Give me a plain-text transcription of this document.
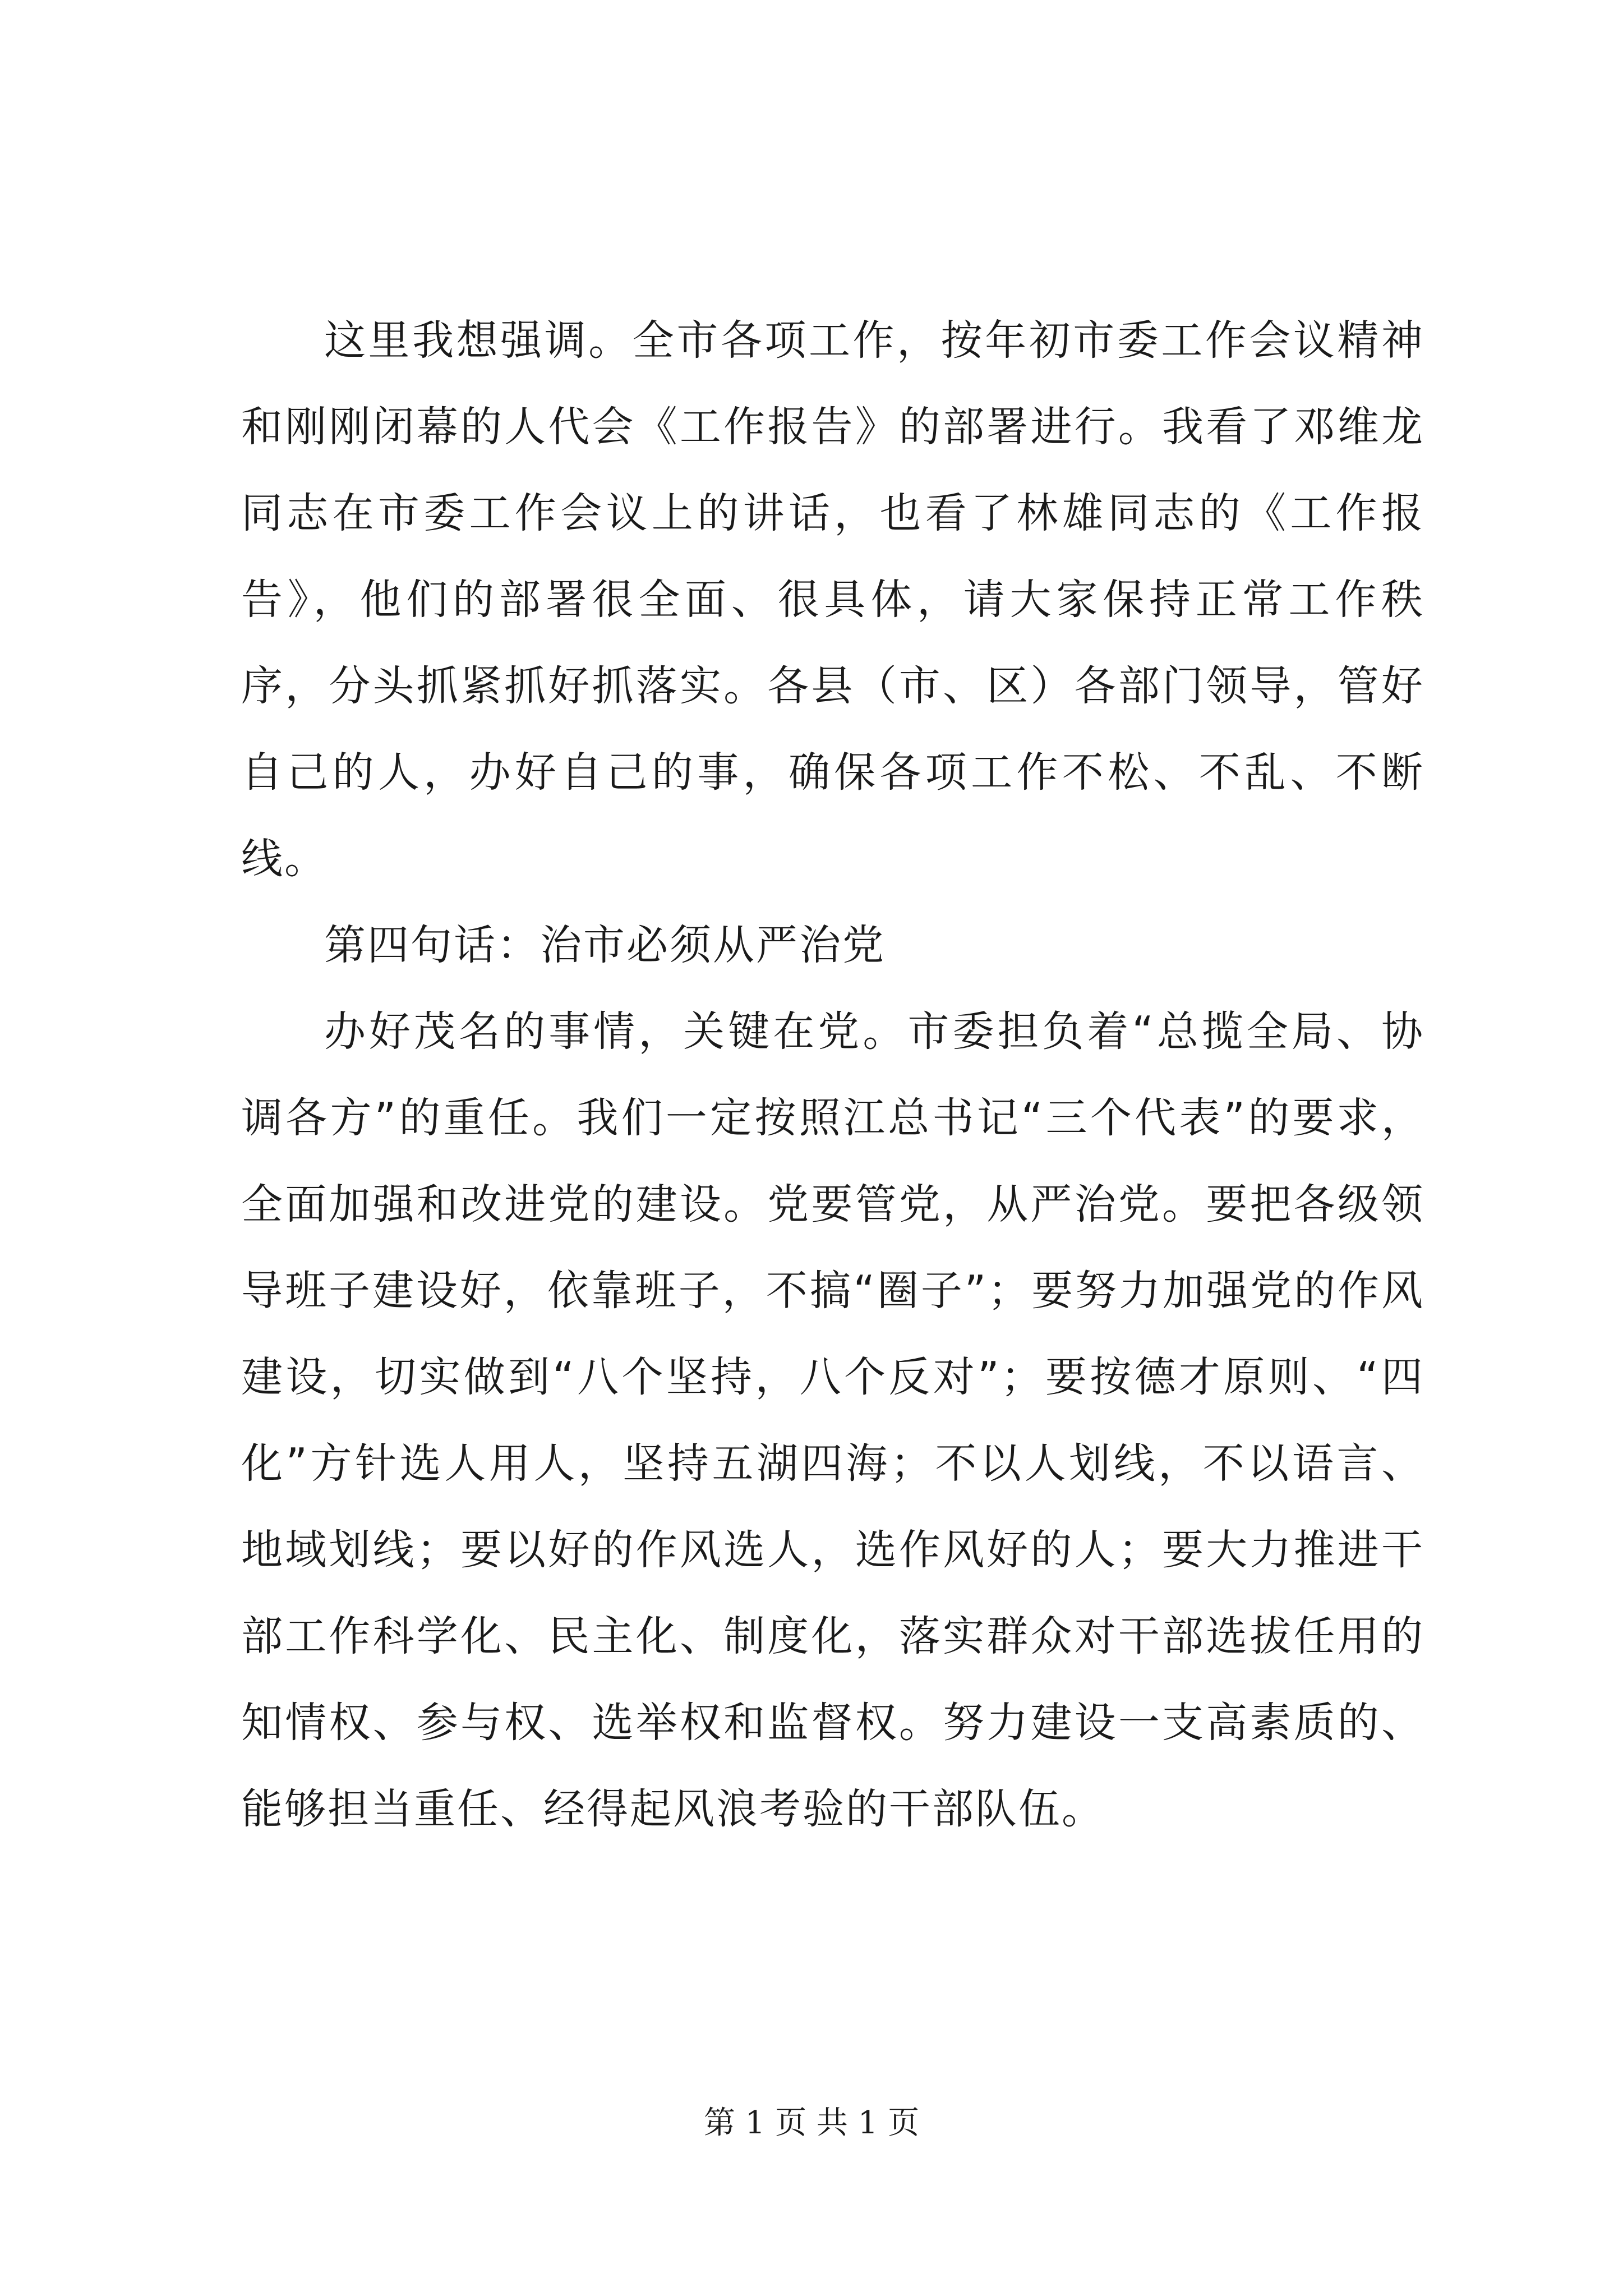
这里我想强调。全市各项工作，按年初市委工作会议精神和刚刚闭幕的人代会《工作报告》的部署进行。我看了邓维龙同志在市委工作会议上的讲话，也看了林雄同志的《工作报告》，他们的部署很全面、很具体，请大家保持正常工作秩序，分头抓紧抓好抓落实。各县（市、区）各部门领导，管好自己的人，办好自己的事，确保各项工作不松、不乱、不断线。

第四句话：治市必须从严治党

办好茂名的事情，关键在党。市委担负着“总揽全局、协调各方”的重任。我们一定按照江总书记“三个代表”的要求，全面加强和改进党的建设。党要管党，从严治党。要把各级领导班子建设好，依靠班子，不搞“圈子”；要努力加强党的作风建设，切实做到“八个坚持，八个反对”；要按德才原则、“四化”方针选人用人，坚持五湖四海；不以人划线，不以语言、地域划线；要以好的作风选人，选作风好的人；要大力推进干部工作科学化、民主化、制度化，落实群众对干部选拔任用的知情权、参与权、选举权和监督权。努力建设一支高素质的、能够担当重任、经得起风浪考验的干部队伍。

第 1 页 共 1 页
